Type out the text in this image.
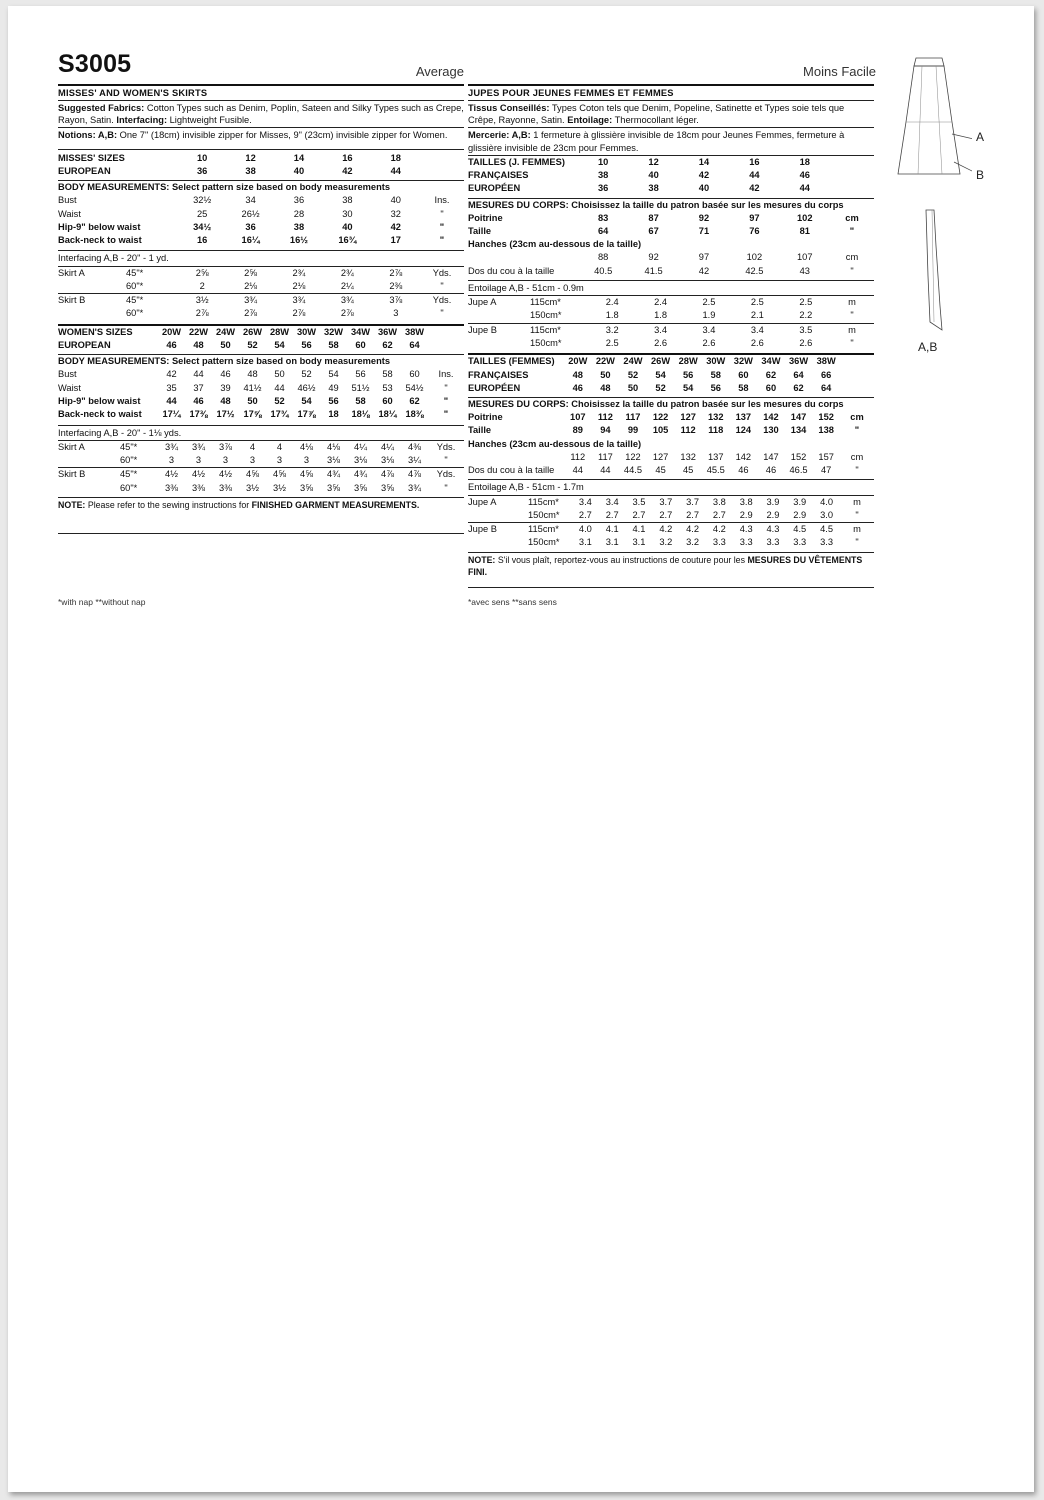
S3005	Average	Moins Facile
MISSES' AND WOMEN'S SKIRTS
Suggested Fabrics: Cotton Types such as Denim, Poplin, Sateen and Silky Types such as Crepe, Rayon, Satin. Interfacing: Lightweight Fusible.
Notions: A,B: One 7" (18cm) invisible zipper for Misses, 9" (23cm) invisible zipper for Women.
MISSES' SIZES	10	12	14	16	18	
EUROPEAN	36	38	40	42	44	
BODY MEASUREMENTS: Select pattern size based on body measurements
Bust	32½	34	36	38	40	Ins.
Waist	25	26½	28	30	32	"
Hip-9" below waist	34½	36	38	40	42	"
Back-neck to waist	16	16¼	16½	16¾	17	"
Interfacing A,B - 20" - 1 yd.
Skirt A	45"*	2⅝	2⅝	2¾	2¾	2⅞	Yds.
	60"*	2	2⅛	2⅛	2¼	2⅜	"
Skirt B	45"*	3½	3¾	3¾	3¾	3⅞	Yds.
	60"*	2⅞	2⅞	2⅞	2⅞	3	"
WOMEN'S SIZES	20W	22W	24W	26W	28W	30W	32W	34W	36W	38W	
EUROPEAN	46	48	50	52	54	56	58	60	62	64	
BODY MEASUREMENTS: Select pattern size based on body measurements
Bust	42	44	46	48	50	52	54	56	58	60	Ins.
Waist	35	37	39	41½	44	46½	49	51½	53	54½	"
Hip-9" below waist	44	46	48	50	52	54	56	58	60	62	"
Back-neck to waist	17¼	17⅜	17½	17⅝	17¾	17⅞	18	18⅛	18¼	18⅜	"
Interfacing A,B - 20" - 1⅛ yds.
Skirt A	45"*	3¾	3¾	3⅞	4	4	4⅛	4⅛	4¼	4¼	4⅜	Yds.
	60"*	3	3	3	3	3	3	3⅛	3⅛	3⅛	3¼	"
Skirt B	45"*	4½	4½	4½	4⅝	4⅝	4⅝	4¾	4¾	4⅞	4⅞	Yds.
	60"*	3⅜	3⅜	3⅜	3½	3½	3⅝	3⅝	3⅝	3⅝	3¾	"
NOTE: Please refer to the sewing instructions for FINISHED GARMENT MEASUREMENTS.
JUPES POUR JEUNES FEMMES ET FEMMES
Tissus Conseillés: Types Coton tels que Denim, Popeline, Satinette et Types soie tels que Crêpe, Rayonne, Satin. Entoilage: Thermocollant léger.
Mercerie: A,B: 1 fermeture à glissière invisible de 18cm pour Jeunes Femmes, fermeture à glissière invisible de 23cm pour Femmes.
TAILLES (J. FEMMES)	10	12	14	16	18	
FRANÇAISES	38	40	42	44	46	
EUROPÉEN	36	38	40	42	44	
MESURES DU CORPS: Choisissez la taille du patron basée sur les mesures du corps
Poitrine	83	87	92	97	102	cm
Taille	64	67	71	76	81	"
Hanches (23cm au-dessous de la taille)
	88	92	97	102	107	cm
Dos du cou à la taille	40.5	41.5	42	42.5	43	"
Entoilage A,B - 51cm - 0.9m
Jupe A	115cm*	2.4	2.4	2.5	2.5	2.5	m
	150cm*	1.8	1.8	1.9	2.1	2.2	"
Jupe B	115cm*	3.2	3.4	3.4	3.4	3.5	m
	150cm*	2.5	2.6	2.6	2.6	2.6	"
TAILLES (FEMMES)	20W	22W	24W	26W	28W	30W	32W	34W	36W	38W	
FRANÇAISES	48	50	52	54	56	58	60	62	64	66	
EUROPÉEN	46	48	50	52	54	56	58	60	62	64	
MESURES DU CORPS: Choisissez la taille du patron basée sur les mesures du corps
Poitrine	107	112	117	122	127	132	137	142	147	152	cm
Taille	89	94	99	105	112	118	124	130	134	138	"
Hanches (23cm au-dessous de la taille)
	112	117	122	127	132	137	142	147	152	157	cm
Dos du cou à la taille	44	44	44.5	45	45	45.5	46	46	46.5	47	"
Entoilage A,B - 51cm - 1.7m
Jupe A	115cm*	3.4	3.4	3.5	3.7	3.7	3.8	3.8	3.9	3.9	4.0	m
	150cm*	2.7	2.7	2.7	2.7	2.7	2.7	2.9	2.9	2.9	3.0	"
Jupe B	115cm*	4.0	4.1	4.1	4.2	4.2	4.2	4.3	4.3	4.5	4.5	m
	150cm*	3.1	3.1	3.1	3.2	3.2	3.3	3.3	3.3	3.3	3.3	"
NOTE: S'il vous plaît, reportez-vous au instructions de couture pour les MESURES DU VÊTEMENTS FINI.
*with nap **without nap	*avec sens **sans sens
A
B
A,B
